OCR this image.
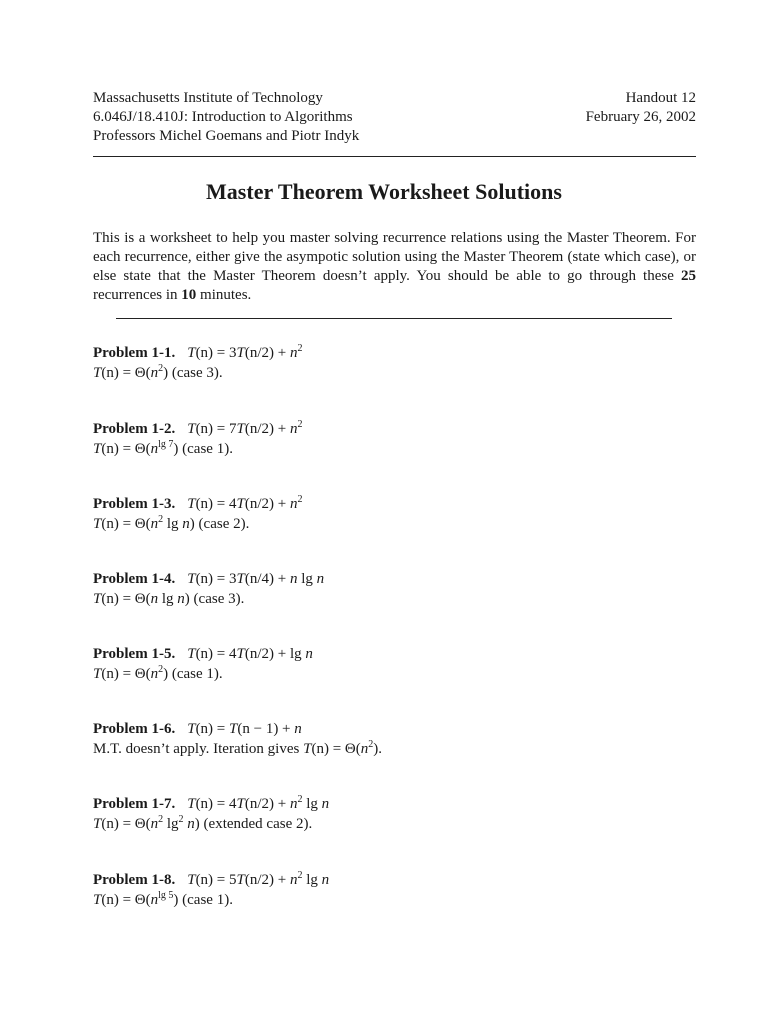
Massachusetts Institute of Technology
6.046J/18.410J: Introduction to Algorithms
Professors Michel Goemans and Piotr Indyk
Handout 12
February 26, 2002
Master Theorem Worksheet Solutions
This is a worksheet to help you master solving recurrence relations using the Master Theorem. For each recurrence, either give the asympotic solution using the Master Theorem (state which case), or else state that the Master Theorem doesn’t apply. You should be able to go through these 25 recurrences in 10 minutes.
Problem 1-1. $T(n) = 3T(n/2) + n^2$
$T(n) = \Theta(n^2)$ (case 3).
Problem 1-2. $T(n) = 7T(n/2) + n^2$
$T(n) = \Theta(n^{lg 7})$ (case 1).
Problem 1-3. $T(n) = 4T(n/2) + n^2$
$T(n) = \Theta(n^2$ lg n) (case 2).
Problem 1-4. T(n) = 3T(n/4) + n lg n
T(n) = Θ(n lg n) (case 3).
Problem 1-5. T(n) = 4T(n/2) + lg n
$T(n) = \Theta(n^2)$ (case 1).
Problem 1-6. T(n) = T(n − 1) + n
M.T. doesn’t apply. Iteration gives $T(n) = \Theta(n^2)$.
Problem 1-7. $T(n) = 4T(n/2) + n^2$ lg n
$T(n) = \Theta(n^2$ $\lg^2 n$) (extended case 2).
Problem 1-8. $T(n) = 5T(n/2) + n^2$ lg n
$T(n) = \Theta(n^{lg 5})$ (case 1).
